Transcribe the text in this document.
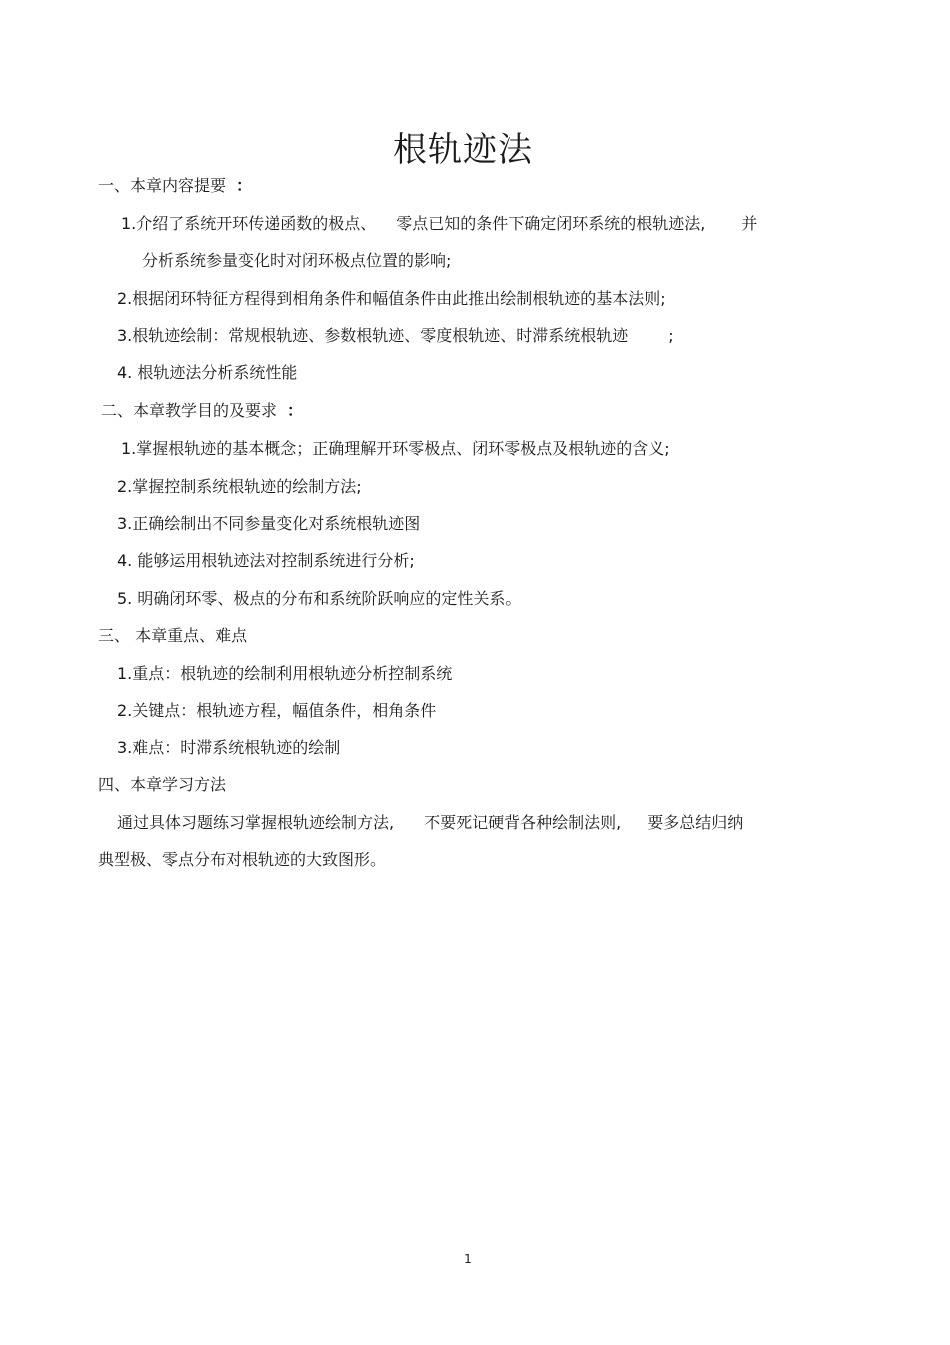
根轨迹法
一、本章内容提要 ：
1.介绍了系统开环传递函数的极点、 零点已知的条件下确定闭环系统的根轨迹法, 并
分析系统参量变化时对闭环极点位置的影响;
2.根据闭环特征方程得到相角条件和幅值条件由此推出绘制根轨迹的基本法则;
3.根轨迹绘制：常规根轨迹、参数根轨迹、零度根轨迹、时滞系统根轨迹	;
4. 根轨迹法分析系统性能
二、本章教学目的及要求 ：
1.掌握根轨迹的基本概念；正确理解开环零极点、闭环零极点及根轨迹的含义;
2.掌握控制系统根轨迹的绘制方法;
3.正确绘制出不同参量变化对系统根轨迹图
4. 能够运用根轨迹法对控制系统进行分析;
5. 明确闭环零、极点的分布和系统阶跃响应的定性关系。
三、 本章重点、难点
1.重点：根轨迹的绘制利用根轨迹分析控制系统
2.关键点：根轨迹方程，幅值条件，相角条件
3.难点：时滞系统根轨迹的绘制
四、本章学习方法
通过具体习题练习掌握根轨迹绘制方法, 不要死记硬背各种绘制法则, 要多总结归纳
典型极、零点分布对根轨迹的大致图形。
1
